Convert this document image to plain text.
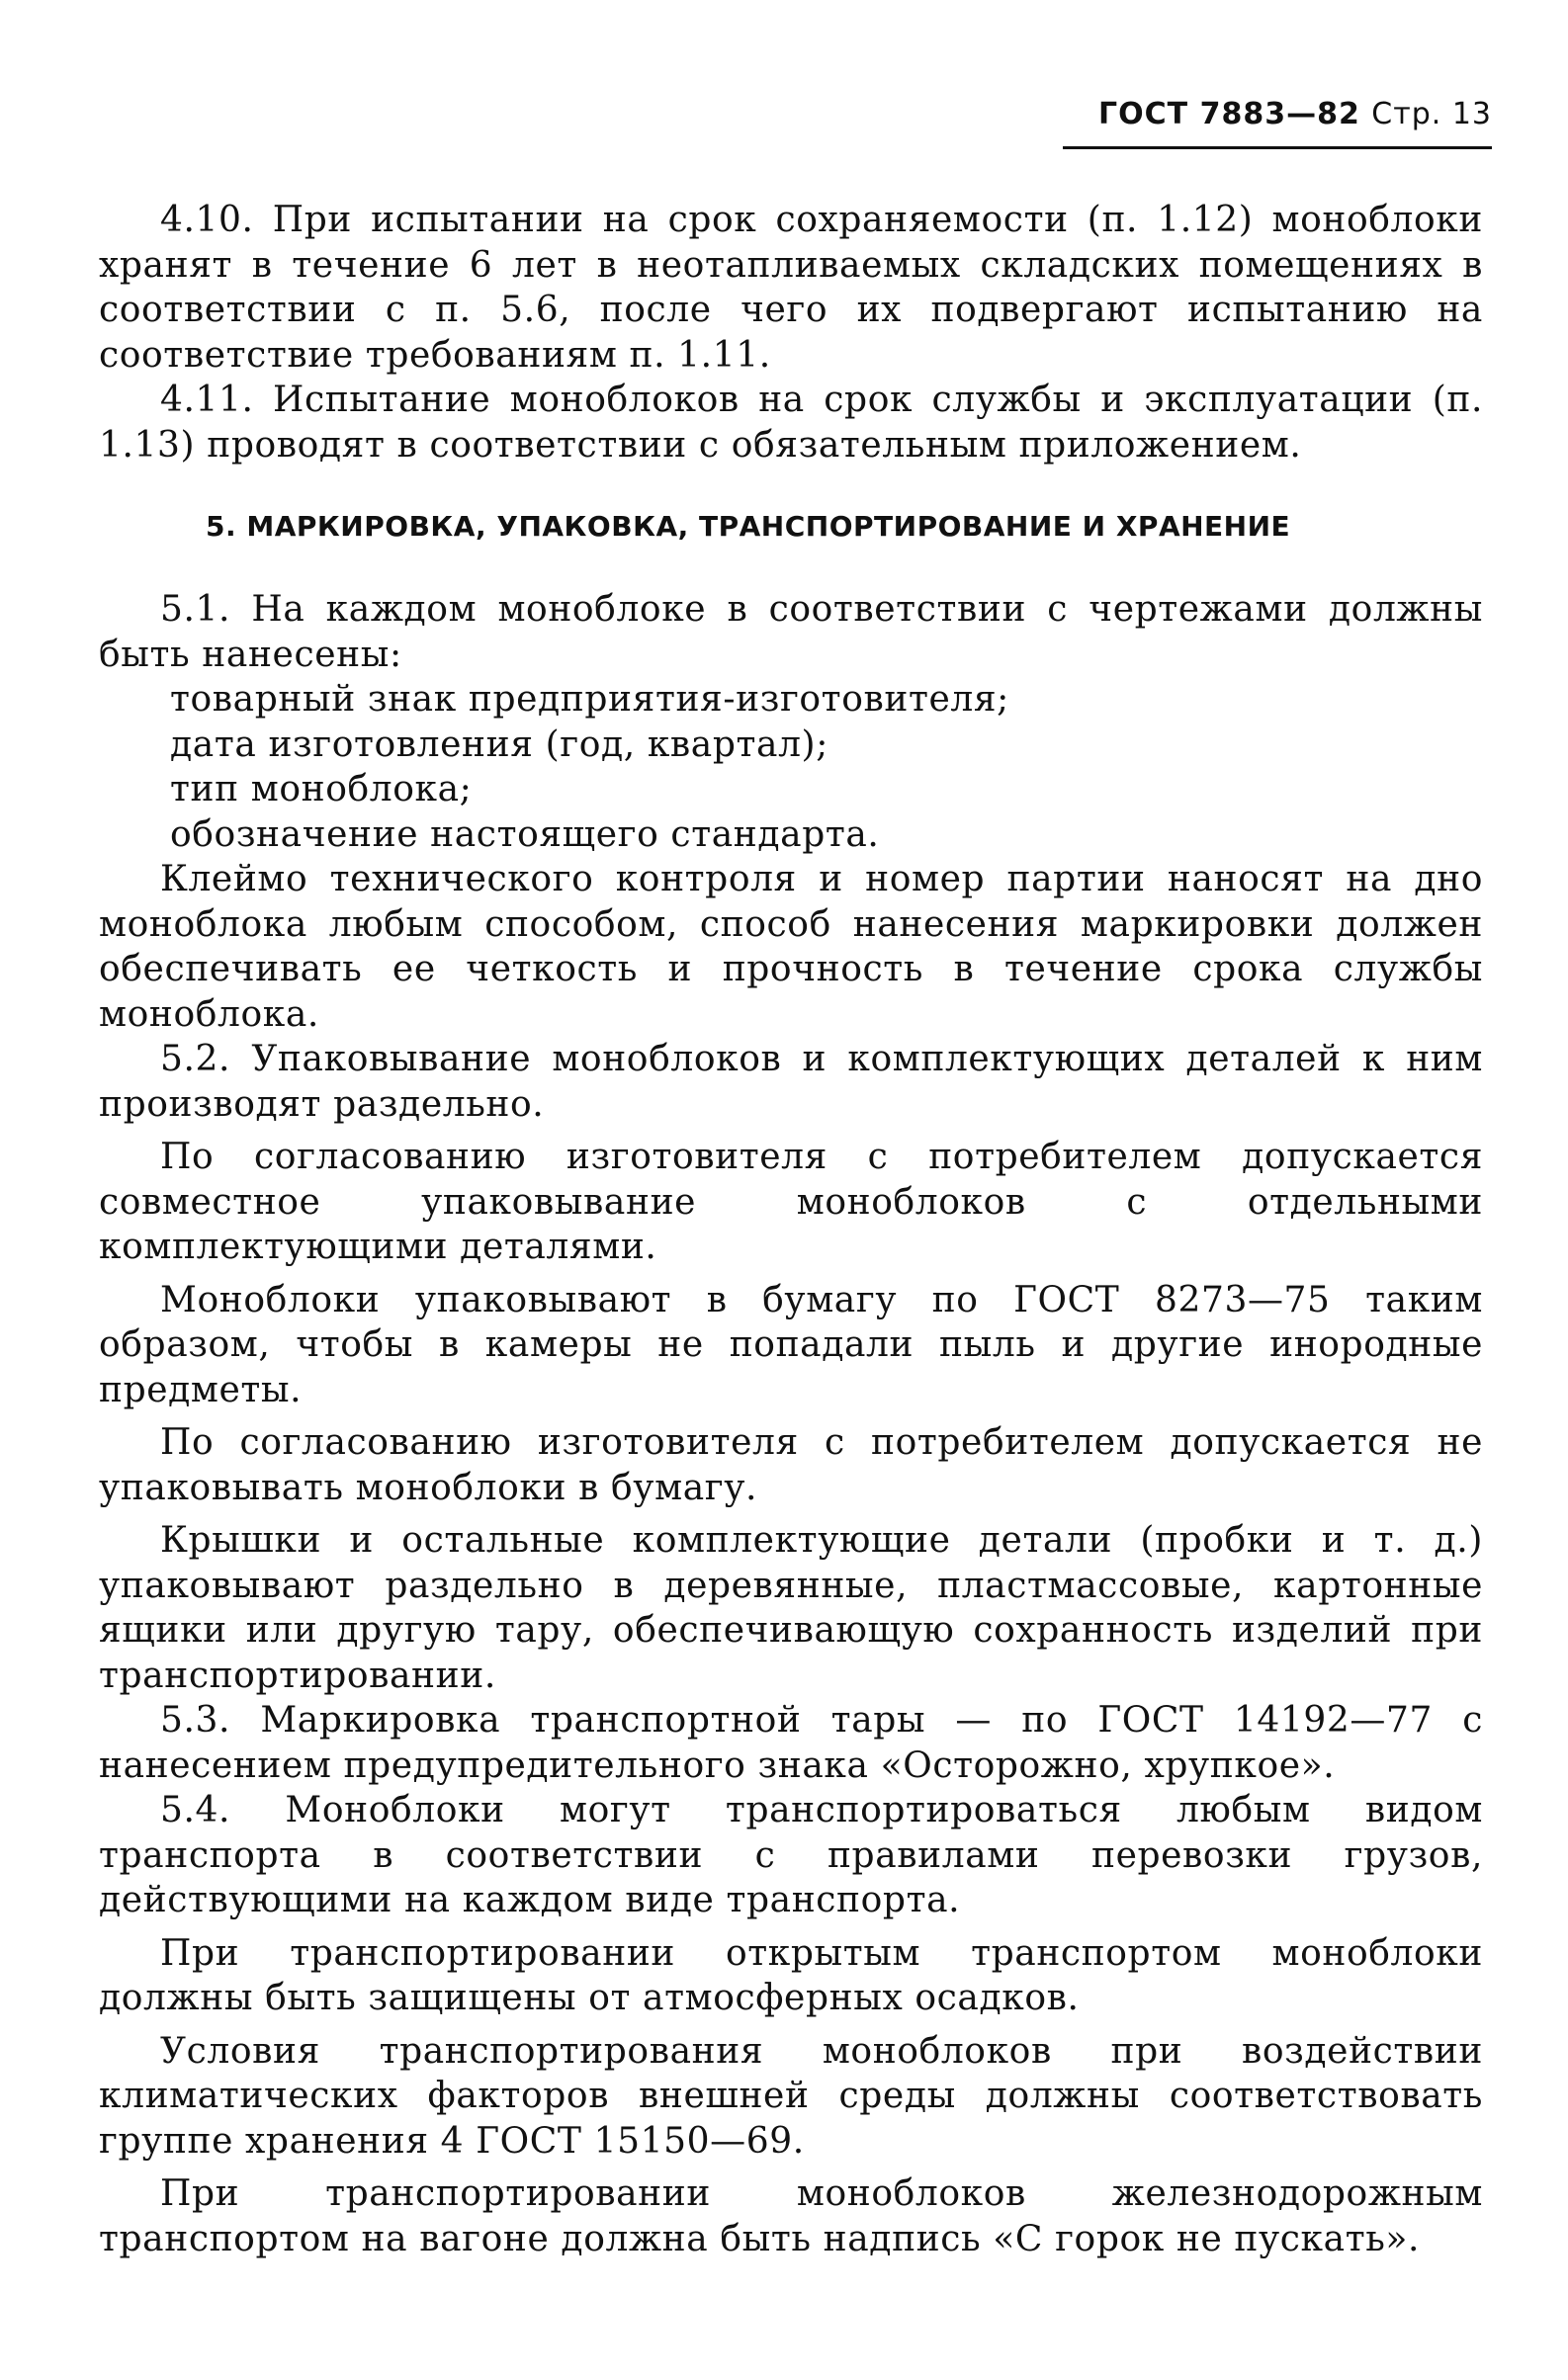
ГОСТ 7883—82 Стр. 13

4.10. При испытании на срок сохраняемости (п. 1.12) моноблоки хранят в течение 6 лет в неотапливаемых складских помещениях в соответствии с п. 5.6, после чего их подвергают испытанию на соответствие требованиям п. 1.11.

4.11. Испытание моноблоков на срок службы и эксплуатации (п. 1.13) проводят в соответствии с обязательным приложением.

5. МАРКИРОВКА, УПАКОВКА, ТРАНСПОРТИРОВАНИЕ И ХРАНЕНИЕ

5.1. На каждом моноблоке в соответствии с чертежами должны быть нанесены:

товарный знак предприятия-изготовителя;

дата изготовления (год, квартал);

тип моноблока;

обозначение настоящего стандарта.

Клеймо технического контроля и номер партии наносят на дно моноблока любым способом, способ нанесения маркировки должен обеспечивать ее четкость и прочность в течение срока службы моноблока.

5.2. Упаковывание моноблоков и комплектующих деталей к ним производят раздельно.

По согласованию изготовителя с потребителем допускается совместное упаковывание моноблоков с отдельными комплектующими деталями.

Моноблоки упаковывают в бумагу по ГОСТ 8273—75 таким образом, чтобы в камеры не попадали пыль и другие инородные предметы.

По согласованию изготовителя с потребителем допускается не упаковывать моноблоки в бумагу.

Крышки и остальные комплектующие детали (пробки и т. д.) упаковывают раздельно в деревянные, пластмассовые, картонные ящики или другую тару, обеспечивающую сохранность изделий при транспортировании.

5.3. Маркировка транспортной тары — по ГОСТ 14192—77 с нанесением предупредительного знака «Осторожно, хрупкое».

5.4. Моноблоки могут транспортироваться любым видом транспорта в соответствии с правилами перевозки грузов, действующими на каждом виде транспорта.

При транспортировании открытым транспортом моноблоки должны быть защищены от атмосферных осадков.

Условия транспортирования моноблоков при воздействии климатических факторов внешней среды должны соответствовать группе хранения 4 ГОСТ 15150—69.

При транспортировании моноблоков железнодорожным транспортом на вагоне должна быть надпись «С горок не пускать».
